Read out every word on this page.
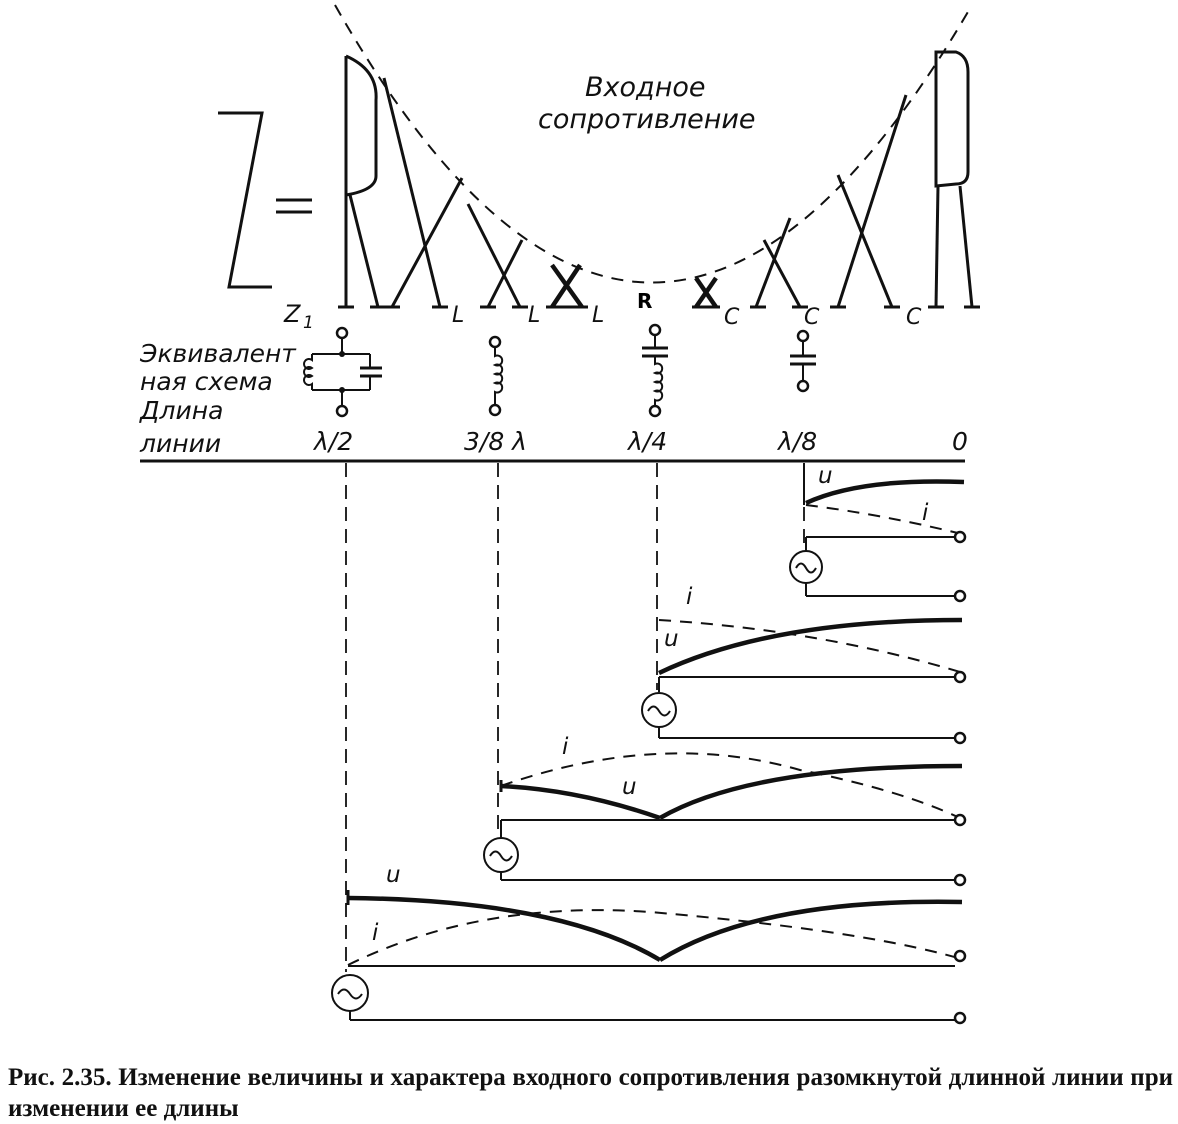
Входное
сопротивление
L	L L
R
C	C	C
Z 1
Эквивалент
ная схема
Длина
линии	λ/2	3/8 λ	λ/4	λ/8	0
u
i
i
u
i
u
u
i
Рис. 2.35. Изменение величины и характера входного сопротивления разомкнутой длинной линии при изменении ее длины
